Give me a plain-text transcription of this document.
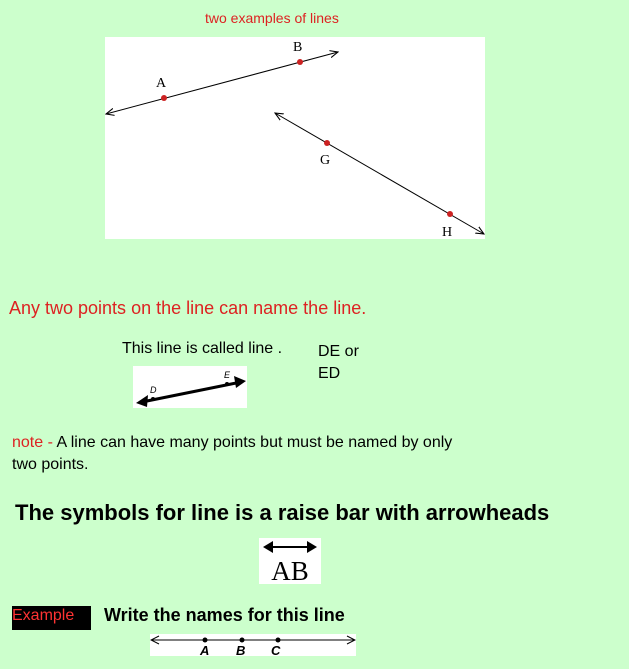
two examples of lines
A
B
G
H
Any two points on the line can name the line.
This line is called line . DE or
ED
D
E
note - A line can have many points but must be named by only two points.
The symbols for line is a raise bar with arrowheads
AB
Example Write the names for this line
A B C
